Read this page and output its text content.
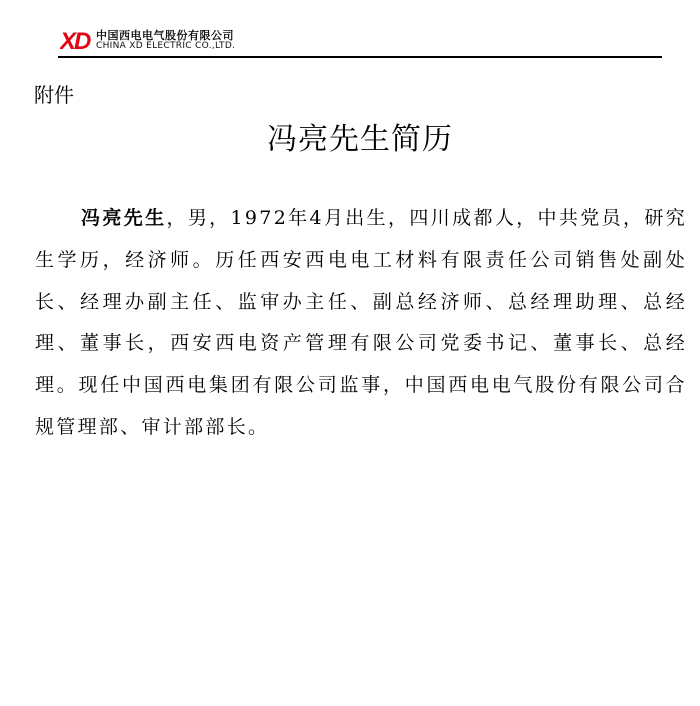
XD 中国西电电气股份有限公司
CHINA XD ELECTRIC CO.,LTD.
附件
冯亮先生简历

冯亮先生，男，1972年4月出生，四川成都人，中共党员，研究生学历，经济师。历任西安西电电工材料有限责任公司销售处副处长、经理办副主任、监审办主任、副总经济师、总经理助理、总经理、董事长，西安西电资产管理有限公司党委书记、董事长、总经理。现任中国西电集团有限公司监事，中国西电电气股份有限公司合规管理部、审计部部长。
